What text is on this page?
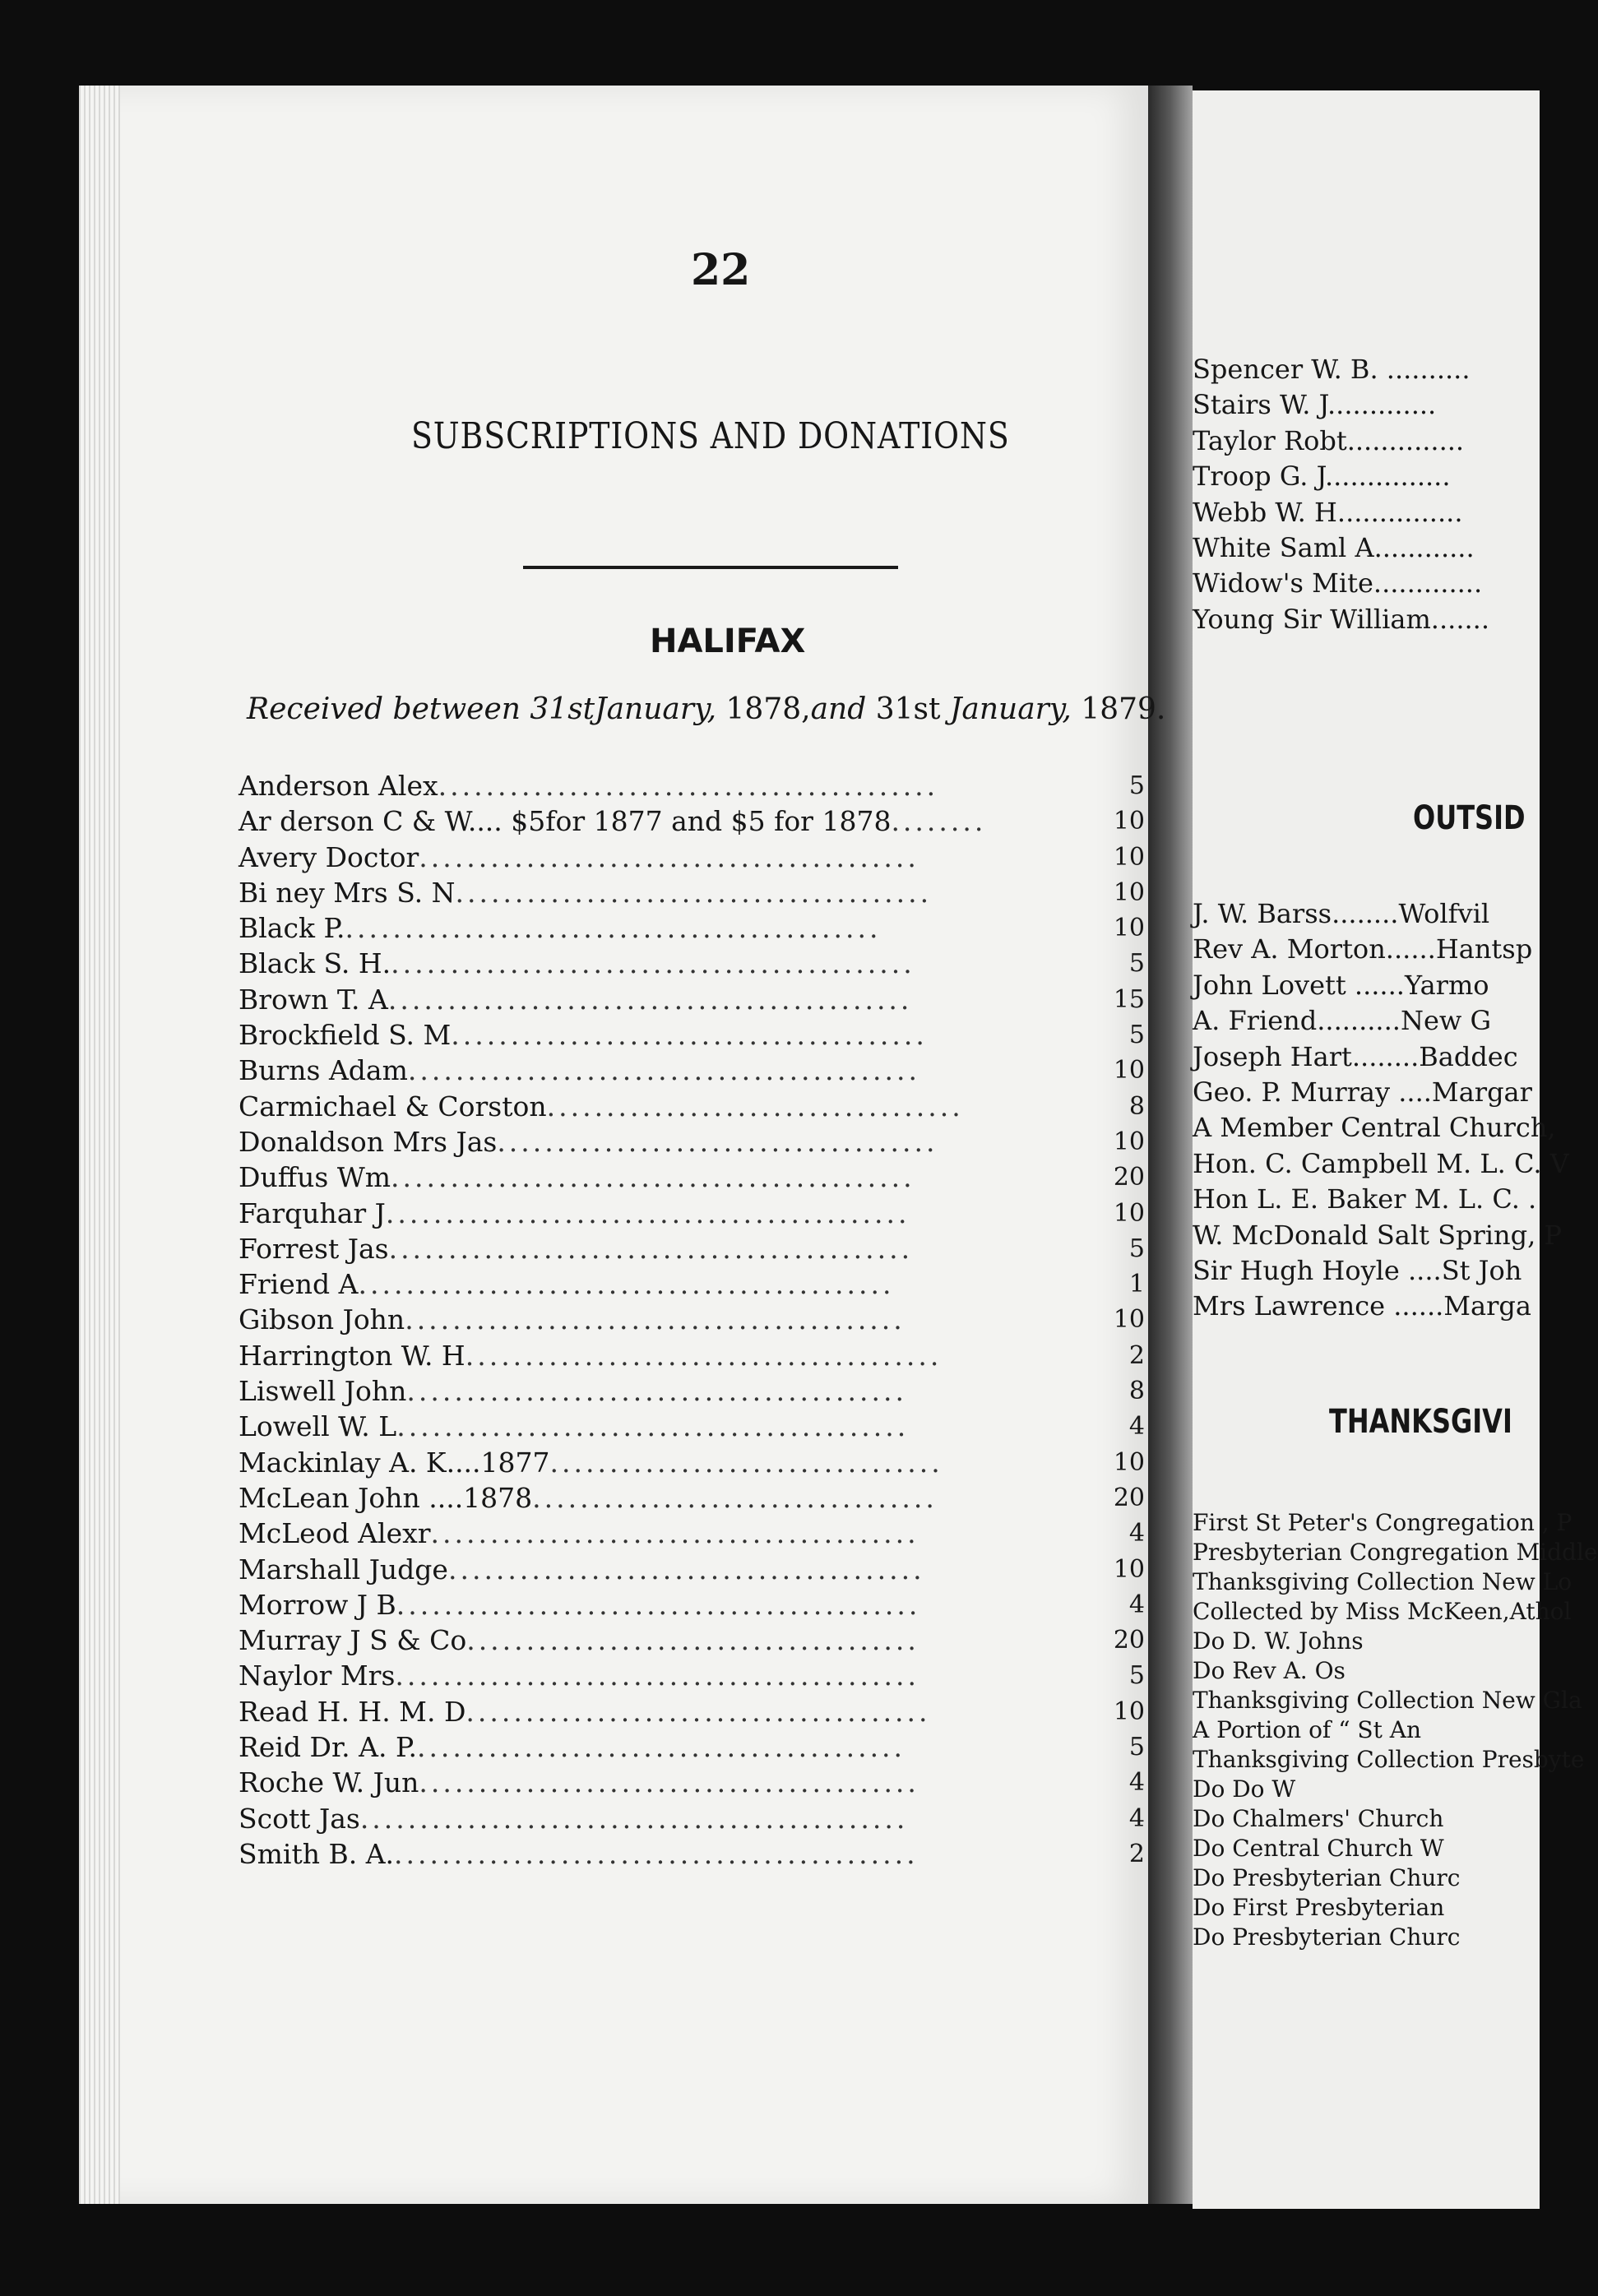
22
SUBSCRIPTIONS AND DONATIONS
HALIFAX
Received between 31stJanuary, 1878,and 31st January, 1879.
Anderson Alex..........................................	5
Ar derson C & W.... $5for 1877 and $5 for 1878........	10
Avery Doctor..........................................	10
Bi ney Mrs S. N........................................	10
Black P..............................................	10
Black S. H.............................................	5
Brown T. A............................................	15
Brockfield S. M........................................	5
Burns Adam...........................................	10
Carmichael & Corston...................................	8
Donaldson Mrs Jas.....................................	10
Duffus Wm............................................	20
Farquhar J............................................	10
Forrest Jas............................................	5
Friend A.............................................	1
Gibson John..........................................	10
Harrington W. H........................................	2
Liswell John..........................................	8
Lowell W. L...........................................	4
Mackinlay A. K....1877.................................	10
McLean John ....1878..................................	20
McLeod Alexr.........................................	4
Marshall Judge........................................	10
Morrow J B............................................	4
Murray J S & Co......................................	20
Naylor Mrs............................................	5
Read H. H. M. D.......................................	10
Reid Dr. A. P..........................................	5
Roche W. Jun..........................................	4
Scott Jas..............................................	4
Smith B. A.............................................	2
Spencer W. B. ..........
Stairs W. J.............
Taylor Robt..............
Troop G. J...............
Webb W. H...............
White Saml A............
Widow's Mite.............
Young Sir William.......
OUTSID
J. W. Barss........Wolfvil
Rev A. Morton......Hantsp
John Lovett ......Yarmo
A. Friend..........New G
Joseph Hart........Baddec
Geo. P. Murray ....Margar
A Member Central Church,
Hon. C. Campbell M. L. C. V
Hon L. E. Baker M. L. C. .
W. McDonald Salt Spring, P
Sir Hugh Hoyle ....St Joh
Mrs Lawrence ......Marga
THANKSGIVI
First St Peter's Congregation , P
Presbyterian Congregation Middle
Thanksgiving Collection New Lo
Collected by Miss McKeen,Athol
Do D. W. Johns
Do Rev A. Os
Thanksgiving Collection New Gla
A Portion of “ St An
Thanksgiving Collection Presbyte
Do Do W
Do Chalmers' Church
Do Central Church W
Do Presbyterian Churc
Do First Presbyterian
Do Presbyterian Churc
